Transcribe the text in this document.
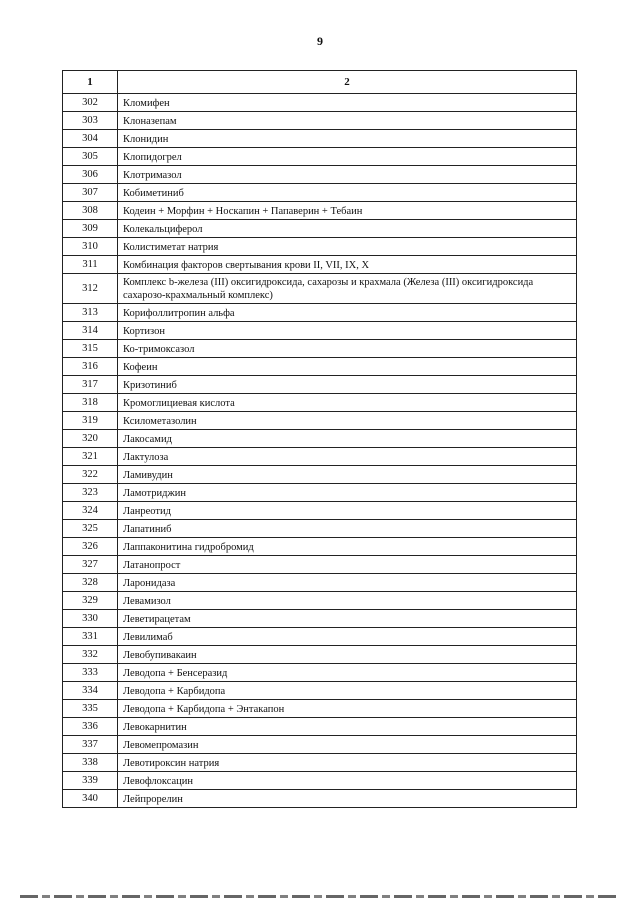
9
1	2
302	Кломифен
303	Клоназепам
304	Клонидин
305	Клопидогрел
306	Клотримазол
307	Кобиметиниб
308	Кодеин + Морфин + Носкапин + Папаверин + Тебаин
309	Колекальциферол
310	Колистиметат натрия
311	Комбинация факторов свертывания крови II, VII, IX, X
312	Комплекс b-железа (III) оксигидроксида, сахарозы и крахмала (Железа (III) оксигидроксида сахарозо-крахмальный комплекс)
313	Корифоллитропин альфа
314	Кортизон
315	Ко-тримоксазол
316	Кофеин
317	Кризотиниб
318	Кромоглициевая кислота
319	Ксилометазолин
320	Лакосамид
321	Лактулоза
322	Ламивудин
323	Ламотриджин
324	Ланреотид
325	Лапатиниб
326	Лаппаконитина гидробромид
327	Латанопрост
328	Ларонидаза
329	Левамизол
330	Леветирацетам
331	Левилимаб
332	Левобупивакаин
333	Леводопа + Бенсеразид
334	Леводопа + Карбидопа
335	Леводопа + Карбидопа + Энтакапон
336	Левокарнитин
337	Левомепромазин
338	Левотироксин натрия
339	Левофлоксацин
340	Лейпрорелин
